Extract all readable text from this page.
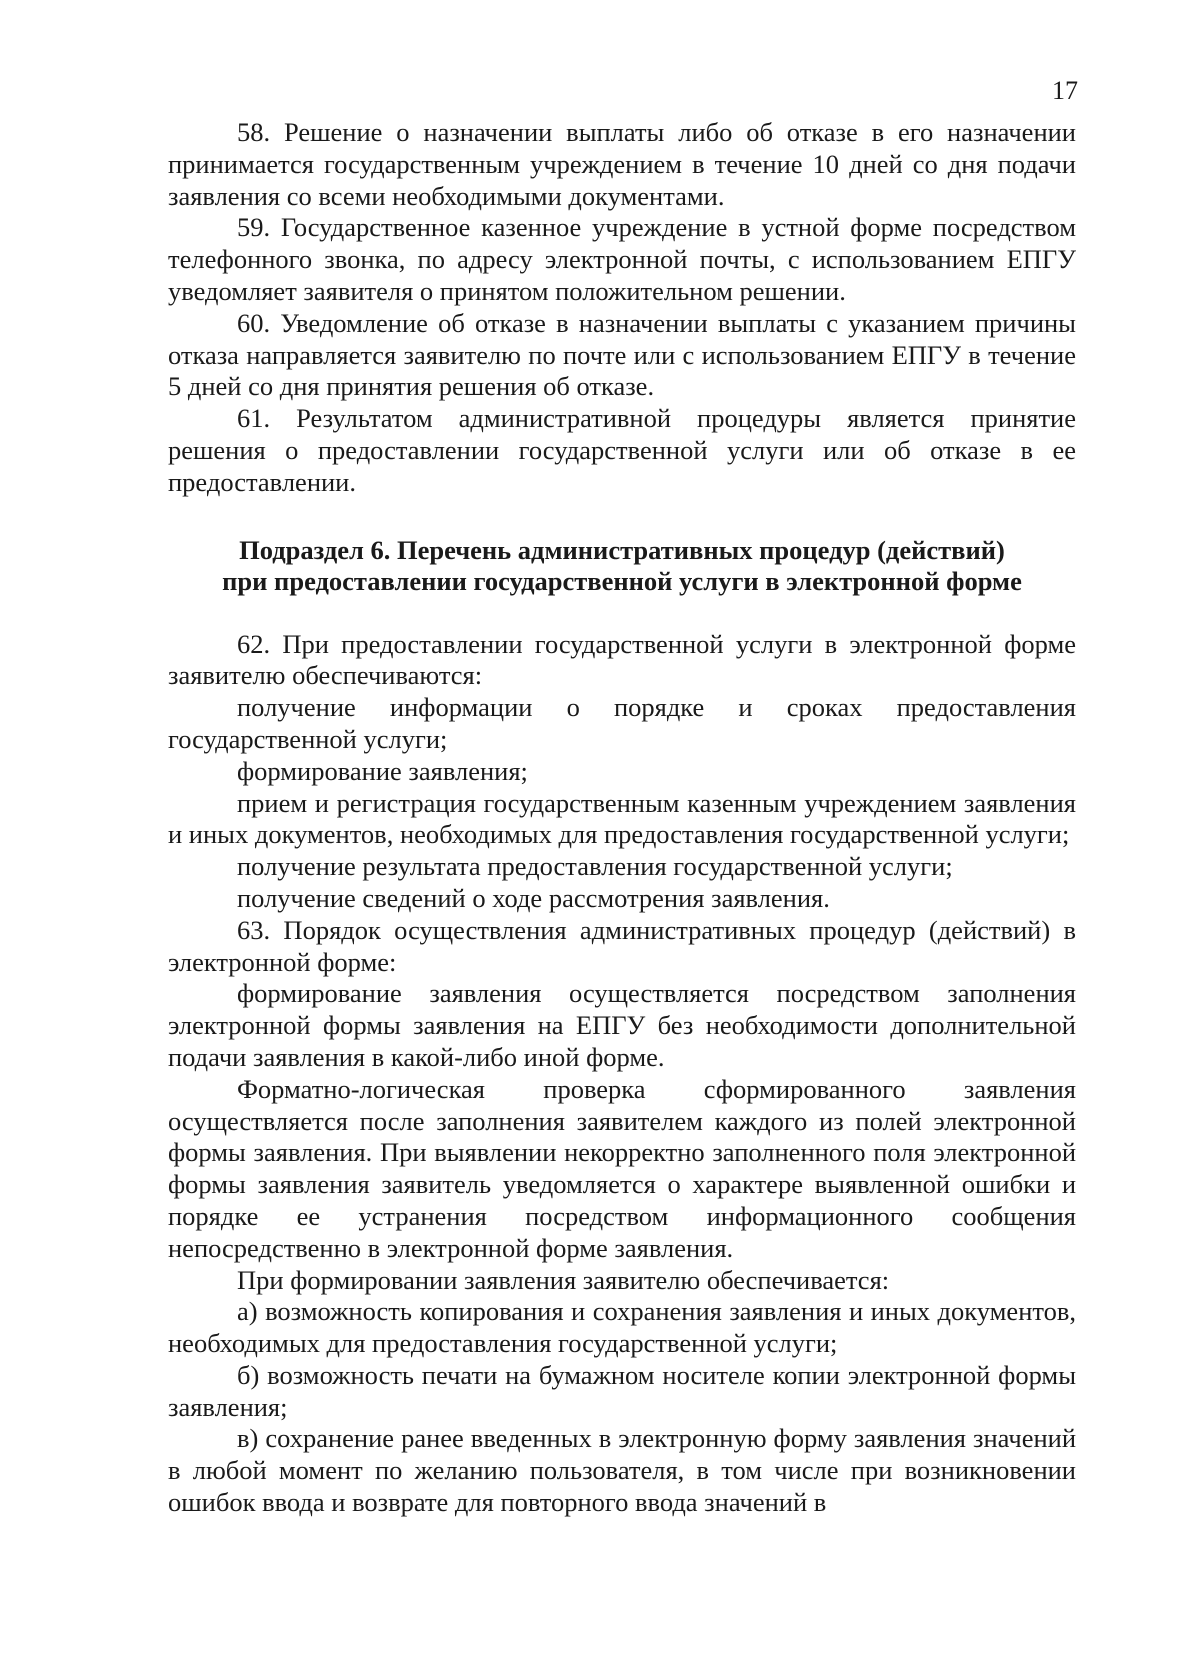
17

58. Решение о назначении выплаты либо об отказе в его назначении принимается государственным учреждением в течение 10 дней со дня подачи заявления со всеми необходимыми документами.

59. Государственное казенное учреждение в устной форме посредством телефонного звонка, по адресу электронной почты, с использованием ЕПГУ уведомляет заявителя о принятом положительном решении.

60. Уведомление об отказе в назначении выплаты с указанием причины отказа направляется заявителю по почте или с использованием ЕПГУ в течение 5 дней со дня принятия решения об отказе.

61. Результатом административной процедуры является принятие решения о предоставлении государственной услуги или об отказе в ее предоставлении.

Подраздел 6. Перечень административных процедур (действий)
при предоставлении государственной услуги в электронной форме

62. При предоставлении государственной услуги в электронной форме заявителю обеспечиваются:

получение информации о порядке и сроках предоставления государственной услуги;

формирование заявления;

прием и регистрация государственным казенным учреждением заявления и иных документов, необходимых для предоставления государственной услуги;

получение результата предоставления государственной услуги;

получение сведений о ходе рассмотрения заявления.

63. Порядок осуществления административных процедур (действий) в электронной форме:

формирование заявления осуществляется посредством заполнения электронной формы заявления на ЕПГУ без необходимости дополнительной подачи заявления в какой-либо иной форме.

Форматно-логическая проверка сформированного заявления осуществляется после заполнения заявителем каждого из полей электронной формы заявления. При выявлении некорректно заполненного поля электронной формы заявления заявитель уведомляется о характере выявленной ошибки и порядке ее устранения посредством информационного сообщения непосредственно в электронной форме заявления.

При формировании заявления заявителю обеспечивается:

а) возможность копирования и сохранения заявления и иных документов, необходимых для предоставления государственной услуги;

б) возможность печати на бумажном носителе копии электронной формы заявления;

в) сохранение ранее введенных в электронную форму заявления значений в любой момент по желанию пользователя, в том числе при возникновении ошибок ввода и возврате для повторного ввода значений в
